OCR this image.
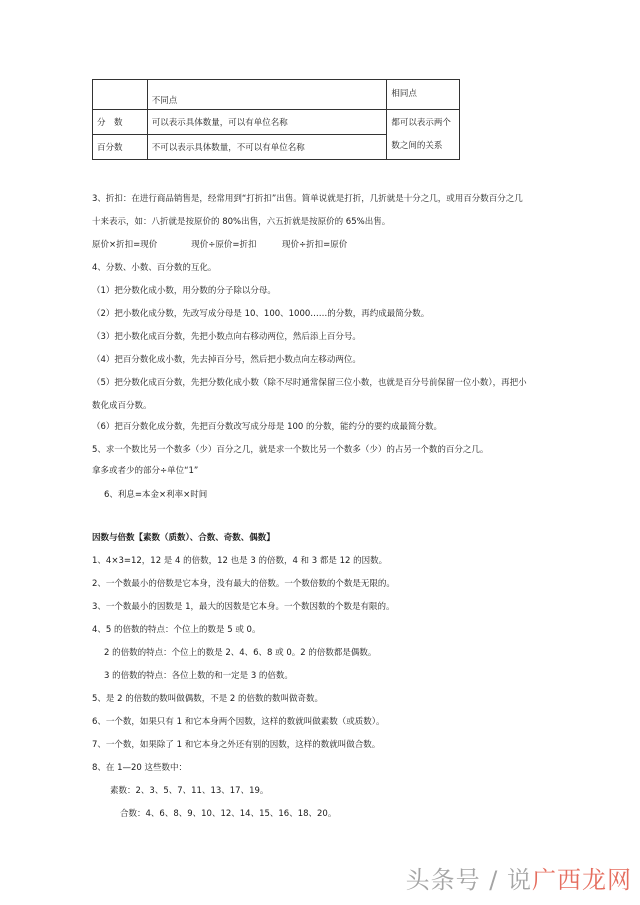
	不同点	相同点
分　数	可以表示具体数量，可以有单位名称	都可以表示两个数之间的关系
百分数	不可以表示具体数量，不可以有单位名称	
3、折扣：在进行商品销售是，经常用到“打折扣”出售。简单说就是打折，几折就是十分之几，或用百分数百分之几
十来表示，如：八折就是按原价的 80%出售，六五折就是按原价的 65%出售。
原价×折扣=现价　　　　现价÷原价=折扣　　　现价÷折扣=原价
4、分数、小数、百分数的互化。
（1）把分数化成小数，用分数的分子除以分母。
（2）把小数化成分数，先改写成分母是 10、100、1000……的分数，再约成最简分数。
（3）把小数化成百分数，先把小数点向右移动两位，然后添上百分号。
（4）把百分数化成小数，先去掉百分号，然后把小数点向左移动两位。
（5）把分数化成百分数，先把分数化成小数（除不尽时通常保留三位小数，也就是百分号前保留一位小数），再把小
数化成百分数。
（6）把百分数化成分数，先把百分数改写成分母是 100 的分数，能约分的要约成最简分数。
5、求一个数比另一个数多（少）百分之几，就是求一个数比另一个数多（少）的占另一个数的百分之几。
拿多或者少的部分÷单位“1”
6、利息=本金×利率×时间
因数与倍数【素数（质数）、合数、奇数、偶数】
1、4×3=12，12 是 4 的倍数，12 也是 3 的倍数，4 和 3 都是 12 的因数。
2、一个数最小的倍数是它本身，没有最大的倍数。一个数倍数的个数是无限的。
3、一个数最小的因数是 1，最大的因数是它本身。一个数因数的个数是有限的。
4、5 的倍数的特点：个位上的数是 5 或 0。
2 的倍数的特点：个位上的数是 2、4、6、8 或 0。2 的倍数都是偶数。
3 的倍数的特点：各位上数的和一定是 3 的倍数。
5、是 2 的倍数的数叫做偶数，不是 2 的倍数的数叫做奇数。
6、一个数，如果只有 1 和它本身两个因数，这样的数就叫做素数（或质数）。
7、一个数，如果除了 1 和它本身之外还有别的因数，这样的数就叫做合数。
8、在 1—20 这些数中：
素数：2、3、5、7、11、13、17、19。
合数：4、6、8、9、10、12、14、15、16、18、20。
头条号 / 说广西龙网
